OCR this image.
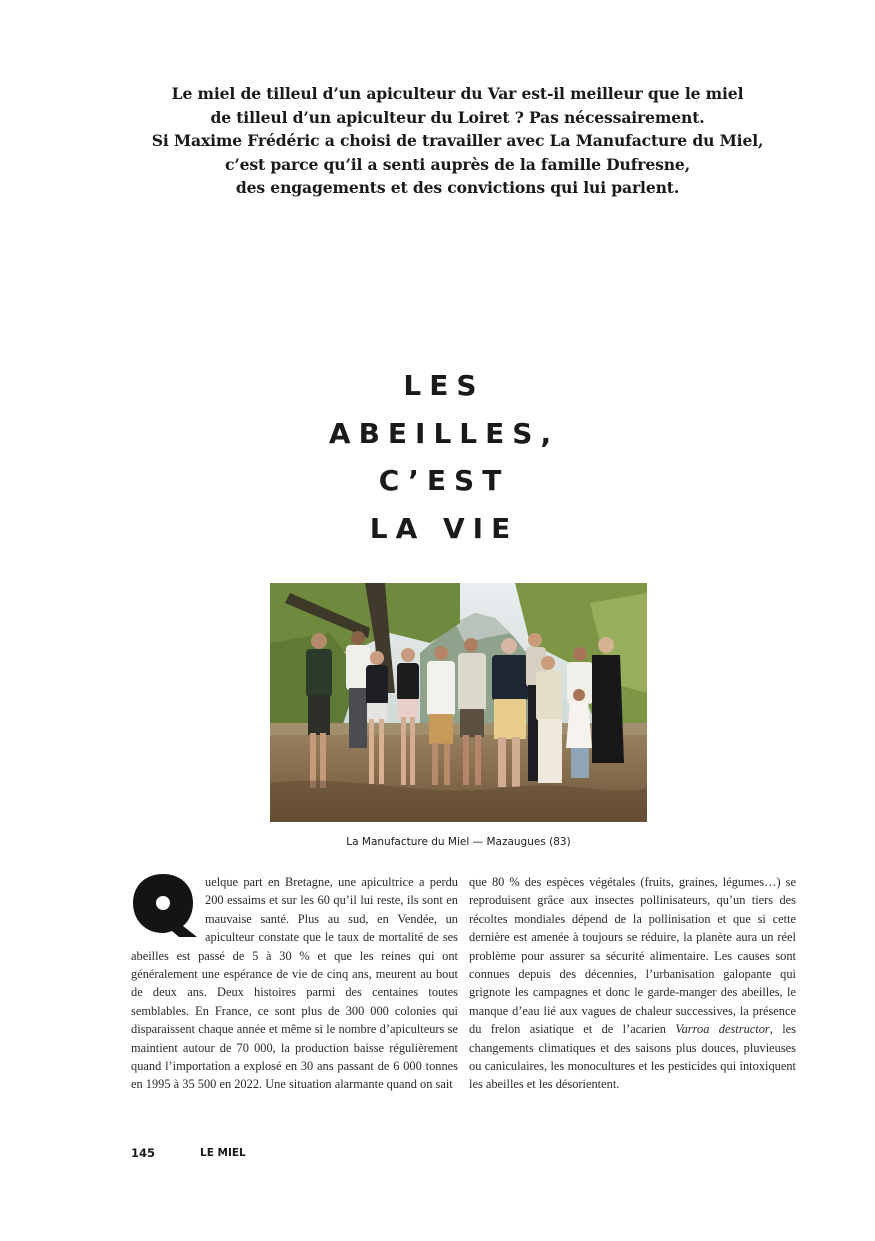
Le miel de tilleul d’un apiculteur du Var est-il meilleur que le miel
de tilleul d’un apiculteur du Loiret ? Pas nécessairement.
Si Maxime Frédéric a choisi de travailler avec La Manufacture du Miel,
c’est parce qu’il a senti auprès de la famille Dufresne,
des engagements et des convictions qui lui parlent.
LES
ABEILLES,
C’EST
LA VIE
La Manufacture du Miel — Mazaugues (83)

uelque part en Bretagne, une apicultrice a perdu 200 essaims et sur les 60 qu’il lui reste, ils sont en mauvaise santé. Plus au sud, en Vendée, un apiculteur constate que le taux de mortalité de ses abeilles est passé de 5 à 30 % et que les reines qui ont généralement une espérance de vie de cinq ans, meurent au bout de deux ans. Deux histoires parmi des centaines toutes semblables. En France, ce sont plus de 300 000 colonies qui disparaissent chaque année et même si le nombre d’apiculteurs se maintient autour de 70 000, la production baisse régulièrement quand l’importation a explosé en 30 ans passant de 6 000 tonnes en 1995 à 35 500 en 2022. Une situation alarmante quand on sait

que 80 % des espèces végétales (fruits, graines, légumes…) se reproduisent grâce aux insectes pollinisateurs, qu’un tiers des récoltes mondiales dépend de la pollinisation et que si cette dernière est amenée à toujours se réduire, la planète aura un réel problème pour assurer sa sécurité alimentaire. Les causes sont connues depuis des décennies, l’urbanisation galopante qui grignote les campagnes et donc le garde-manger des abeilles, le manque d’eau lié aux vagues de chaleur successives, la présence du frelon asiatique et de l’acarien Varroa destructor, les changements climatiques et des saisons plus douces, pluvieuses ou caniculaires, les monocultures et les pesticides qui intoxiquent les abeilles et les désorientent.

145	LE MIEL
